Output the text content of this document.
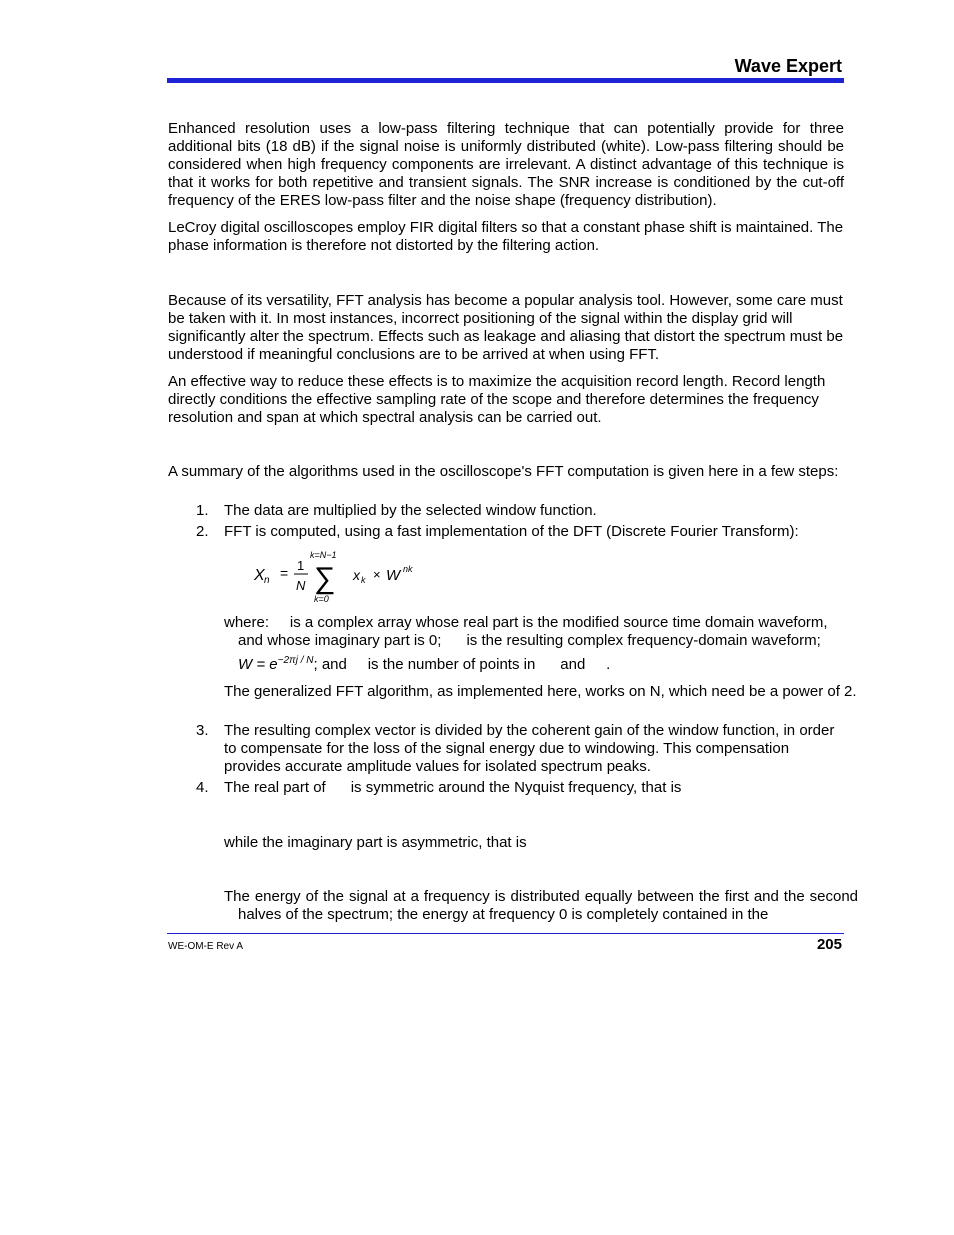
Wave Expert

Enhanced resolution uses a low-pass filtering technique that can potentially provide for three additional bits (18 dB) if the signal noise is uniformly distributed (white). Low-pass filtering should be considered when high frequency components are irrelevant. A distinct advantage of this technique is that it works for both repetitive and transient signals. The SNR increase is conditioned by the cut-off frequency of the ERES low-pass filter and the noise shape (frequency distribution).

LeCroy digital oscilloscopes employ FIR digital filters so that a constant phase shift is maintained. The phase information is therefore not distorted by the filtering action.

Because of its versatility, FFT analysis has become a popular analysis tool. However, some care must be taken with it. In most instances, incorrect positioning of the signal within the display grid will significantly alter the spectrum. Effects such as leakage and aliasing that distort the spectrum must be understood if meaningful conclusions are to be arrived at when using FFT.

An effective way to reduce these effects is to maximize the acquisition record length. Record length directly conditions the effective sampling rate of the scope and therefore determines the frequency resolution and span at which spectral analysis can be carried out.

A summary of the algorithms used in the oscilloscope's FFT computation is given here in a few steps:

1. The data are multiplied by the selected window function.

2. FFT is computed, using a fast implementation of the DFT (Discrete Fourier Transform):

X n = 1
N
k=N−1
∑
k=0
x k × W nk

where:     is a complex array whose real part is the modified source time domain waveform,

and whose imaginary part is 0;      is the resulting complex frequency-domain waveform;

$W = e^{-2\pi j / N}$; and     is the number of points in      and     .

The generalized FFT algorithm, as implemented here, works on N, which need be a power of 2.

3. The resulting complex vector is divided by the coherent gain of the window function, in order to compensate for the loss of the signal energy due to windowing. This compensation provides accurate amplitude values for isolated spectrum peaks.

4. The real part of      is symmetric around the Nyquist frequency, that is

while the imaginary part is asymmetric, that is

The energy of the signal at a frequency is distributed equally between the first and the second halves of the spectrum; the energy at frequency 0 is completely contained in the

WE-OM-E Rev A	205
